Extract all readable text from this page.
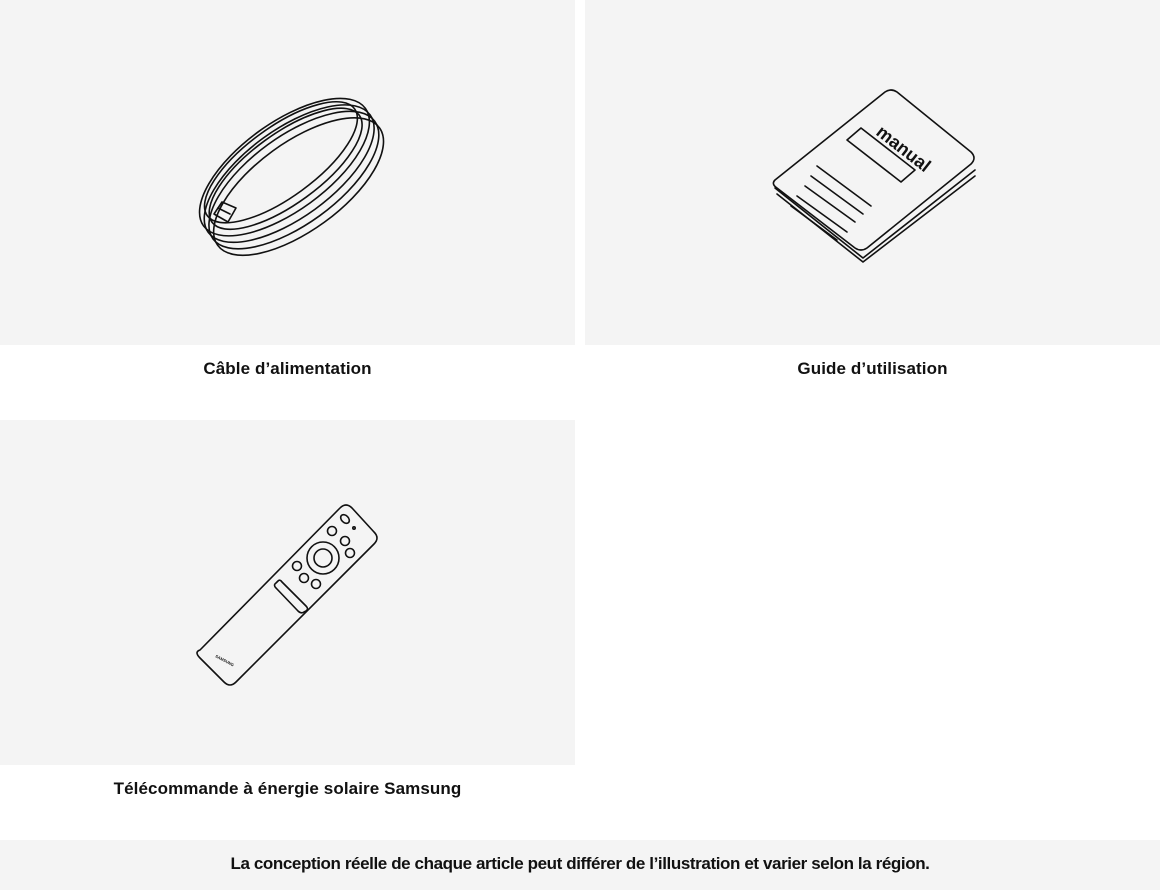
Câble d’alimentation
manual
Guide d’utilisation
SAMSUNG
Télécommande à énergie solaire Samsung
La conception réelle de chaque article peut différer de l’illustration et varier selon la région.
